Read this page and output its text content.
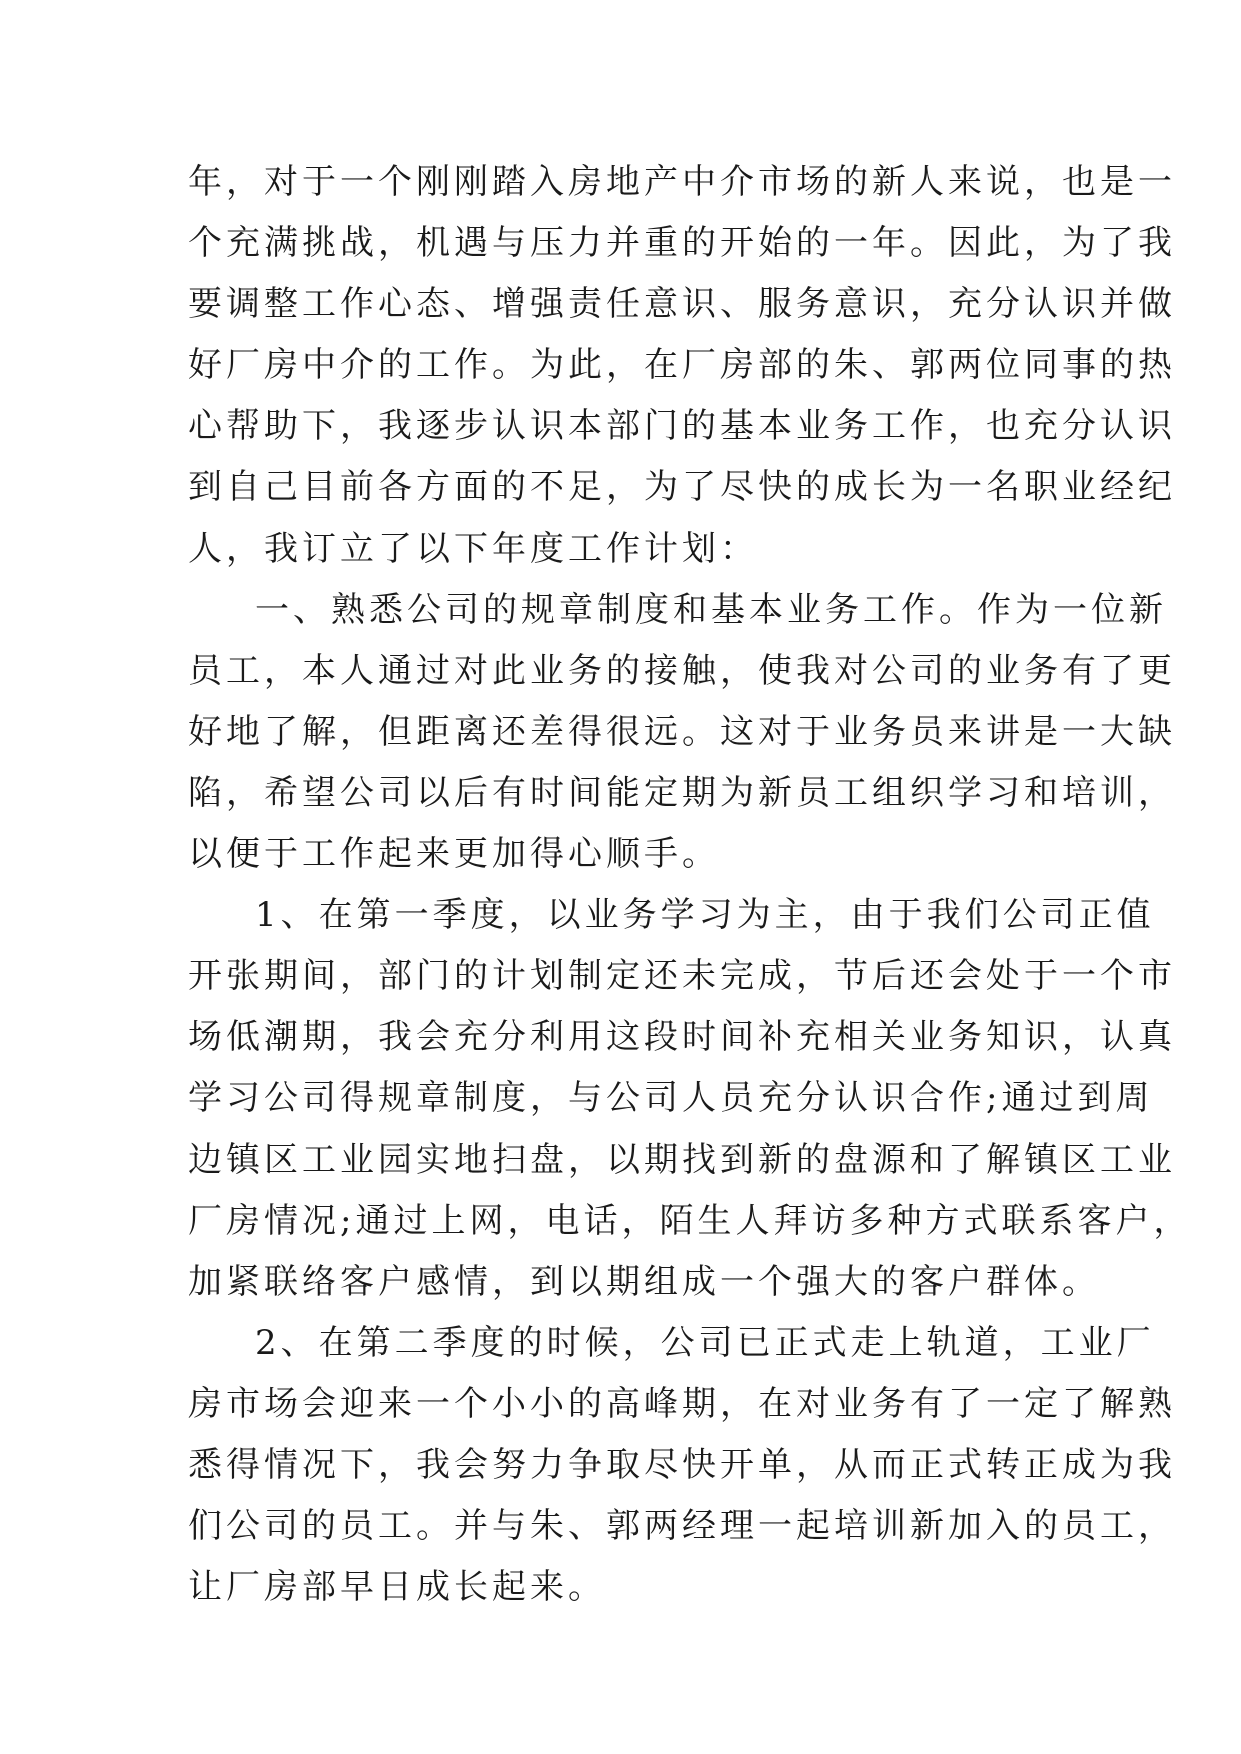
年，对于一个刚刚踏入房地产中介市场的新人来说，也是一
个充满挑战，机遇与压力并重的开始的一年。因此，为了我
要调整工作心态、增强责任意识、服务意识，充分认识并做
好厂房中介的工作。为此，在厂房部的朱、郭两位同事的热
心帮助下，我逐步认识本部门的基本业务工作，也充分认识
到自己目前各方面的不足，为了尽快的成长为一名职业经纪
人，我订立了以下年度工作计划：
一、熟悉公司的规章制度和基本业务工作。作为一位新
员工，本人通过对此业务的接触，使我对公司的业务有了更
好地了解，但距离还差得很远。这对于业务员来讲是一大缺
陷，希望公司以后有时间能定期为新员工组织学习和培训，
以便于工作起来更加得心顺手。
1、在第一季度，以业务学习为主，由于我们公司正值
开张期间，部门的计划制定还未完成，节后还会处于一个市
场低潮期，我会充分利用这段时间补充相关业务知识，认真
学习公司得规章制度，与公司人员充分认识合作;通过到周
边镇区工业园实地扫盘，以期找到新的盘源和了解镇区工业
厂房情况;通过上网，电话，陌生人拜访多种方式联系客户，
加紧联络客户感情，到以期组成一个强大的客户群体。
2、在第二季度的时候，公司已正式走上轨道，工业厂
房市场会迎来一个小小的高峰期，在对业务有了一定了解熟
悉得情况下，我会努力争取尽快开单，从而正式转正成为我
们公司的员工。并与朱、郭两经理一起培训新加入的员工，
让厂房部早日成长起来。
